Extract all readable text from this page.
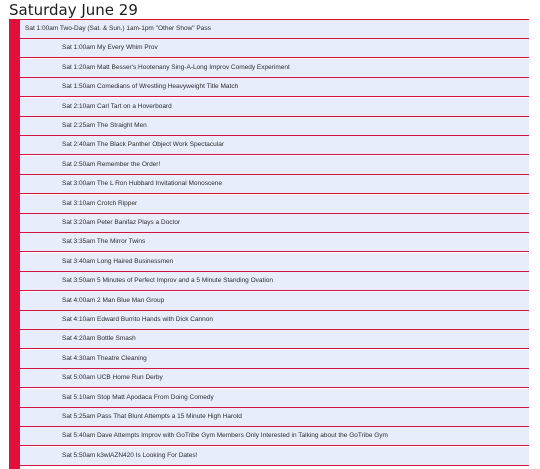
Saturday June 29
Sat 1:00am Two-Day (Sat. & Sun.) 1am-1pm "Other Show" Pass
Sat 1:00am My Every Whim Prov
Sat 1:20am Matt Besser's Hootenany Sing-A-Long Improv Comedy Experiment
Sat 1:50am Comedians of Wrestling Heavyweight Title Match
Sat 2:10am Carl Tart on a Hoverboard
Sat 2:25am The Straight Men
Sat 2:40am The Black Panther Object Work Spectacular
Sat 2:50am Remember the Order!
Sat 3:00am The L Ron Hubbard Invitational Monoscene
Sat 3:10am Crotch Ripper
Sat 3:20am Peter Banifaz Plays a Doctor
Sat 3:35am The Mirror Twins
Sat 3:40am Long Haired Businessmen
Sat 3:50am 5 Minutes of Perfect Improv and a 5 Minute Standing Ovation
Sat 4:00am 2 Man Blue Man Group
Sat 4:10am Edward Burrito Hands with Dick Cannon
Sat 4:20am Bottle Smash
Sat 4:30am Theatre Cleaning
Sat 5:00am UCB Home Run Derby
Sat 5:10am Stop Matt Apodaca From Doing Comedy
Sat 5:25am Pass That Blunt Attempts a 15 Minute High Harold
Sat 5:40am Dave Attempts Improv with GoTribe Gym Members Only Interested in Talking about the GoTribe Gym
Sat 5:50am k3wlAZN420 Is Looking For Dates!
